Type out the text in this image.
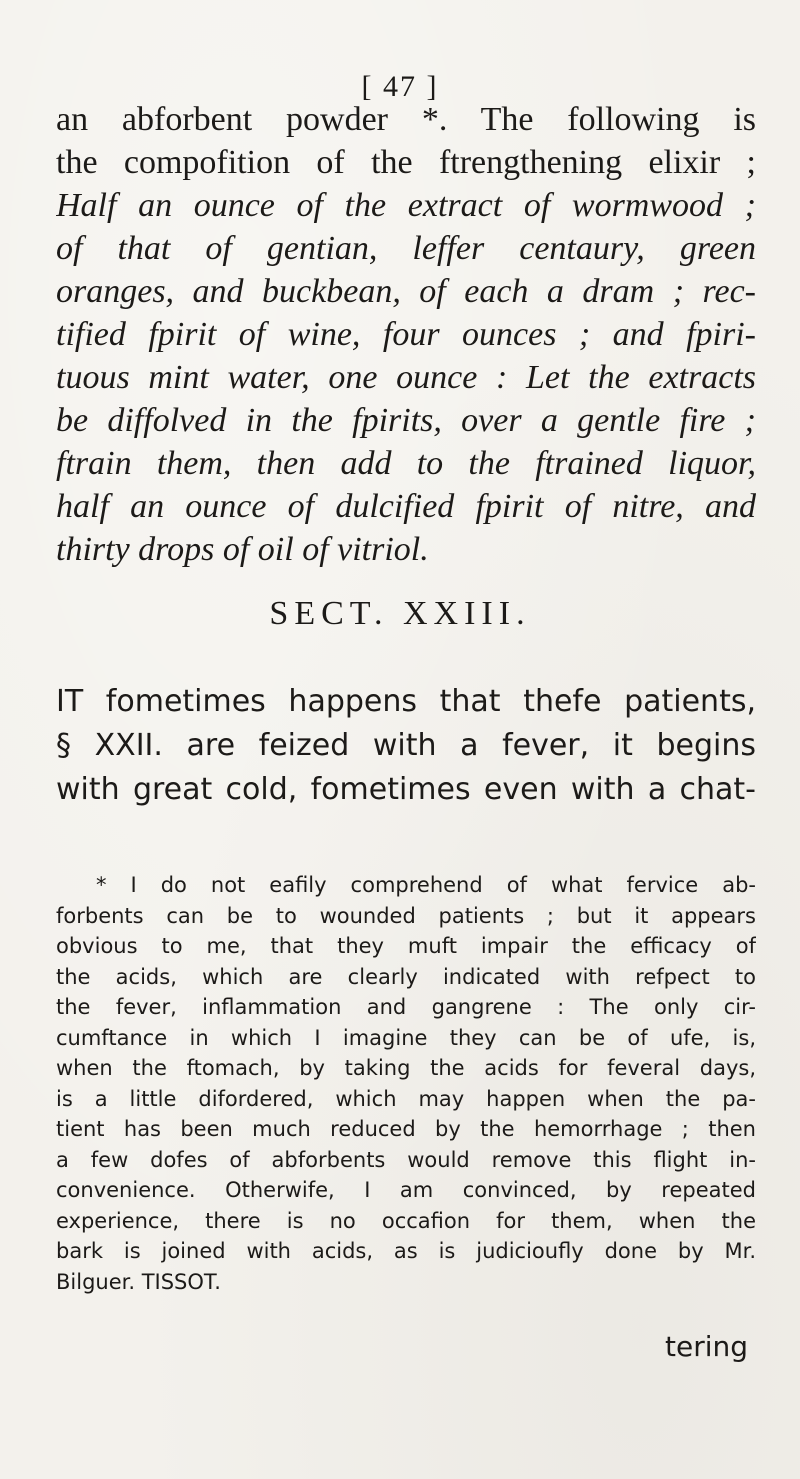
[ 47 ]
an abforbent powder *. The following is
the compofition of the ftrengthening elixir ;
Half an ounce of the extract of wormwood ;
of that of gentian, leffer centaury, green
oranges, and buckbean, of each a dram ; rec-
tified fpirit of wine, four ounces ; and fpiri-
tuous mint water, one ounce : Let the extracts
be diffolved in the fpirits, over a gentle fire ;
ftrain them, then add to the ftrained liquor,
half an ounce of dulcified fpirit of nitre, and
thirty drops of oil of vitriol.
SECT. XXIII.
IT fometimes happens that thefe patients,
§ XXII. are feized with a fever, it begins
with great cold, fometimes even with a chat-
* I do not eafily comprehend of what fervice ab-
forbents can be to wounded patients ; but it appears
obvious to me, that they muft impair the efficacy of
the acids, which are clearly indicated with refpect to
the fever, inflammation and gangrene : The only cir-
cumftance in which I imagine they can be of ufe, is,
when the ftomach, by taking the acids for feveral days,
is a little difordered, which may happen when the pa-
tient has been much reduced by the hemorrhage ; then
a few dofes of abforbents would remove this flight in-
convenience. Otherwife, I am convinced, by repeated
experience, there is no occafion for them, when the
bark is joined with acids, as is judicioufly done by Mr.
Bilguer. TISSOT.
tering
